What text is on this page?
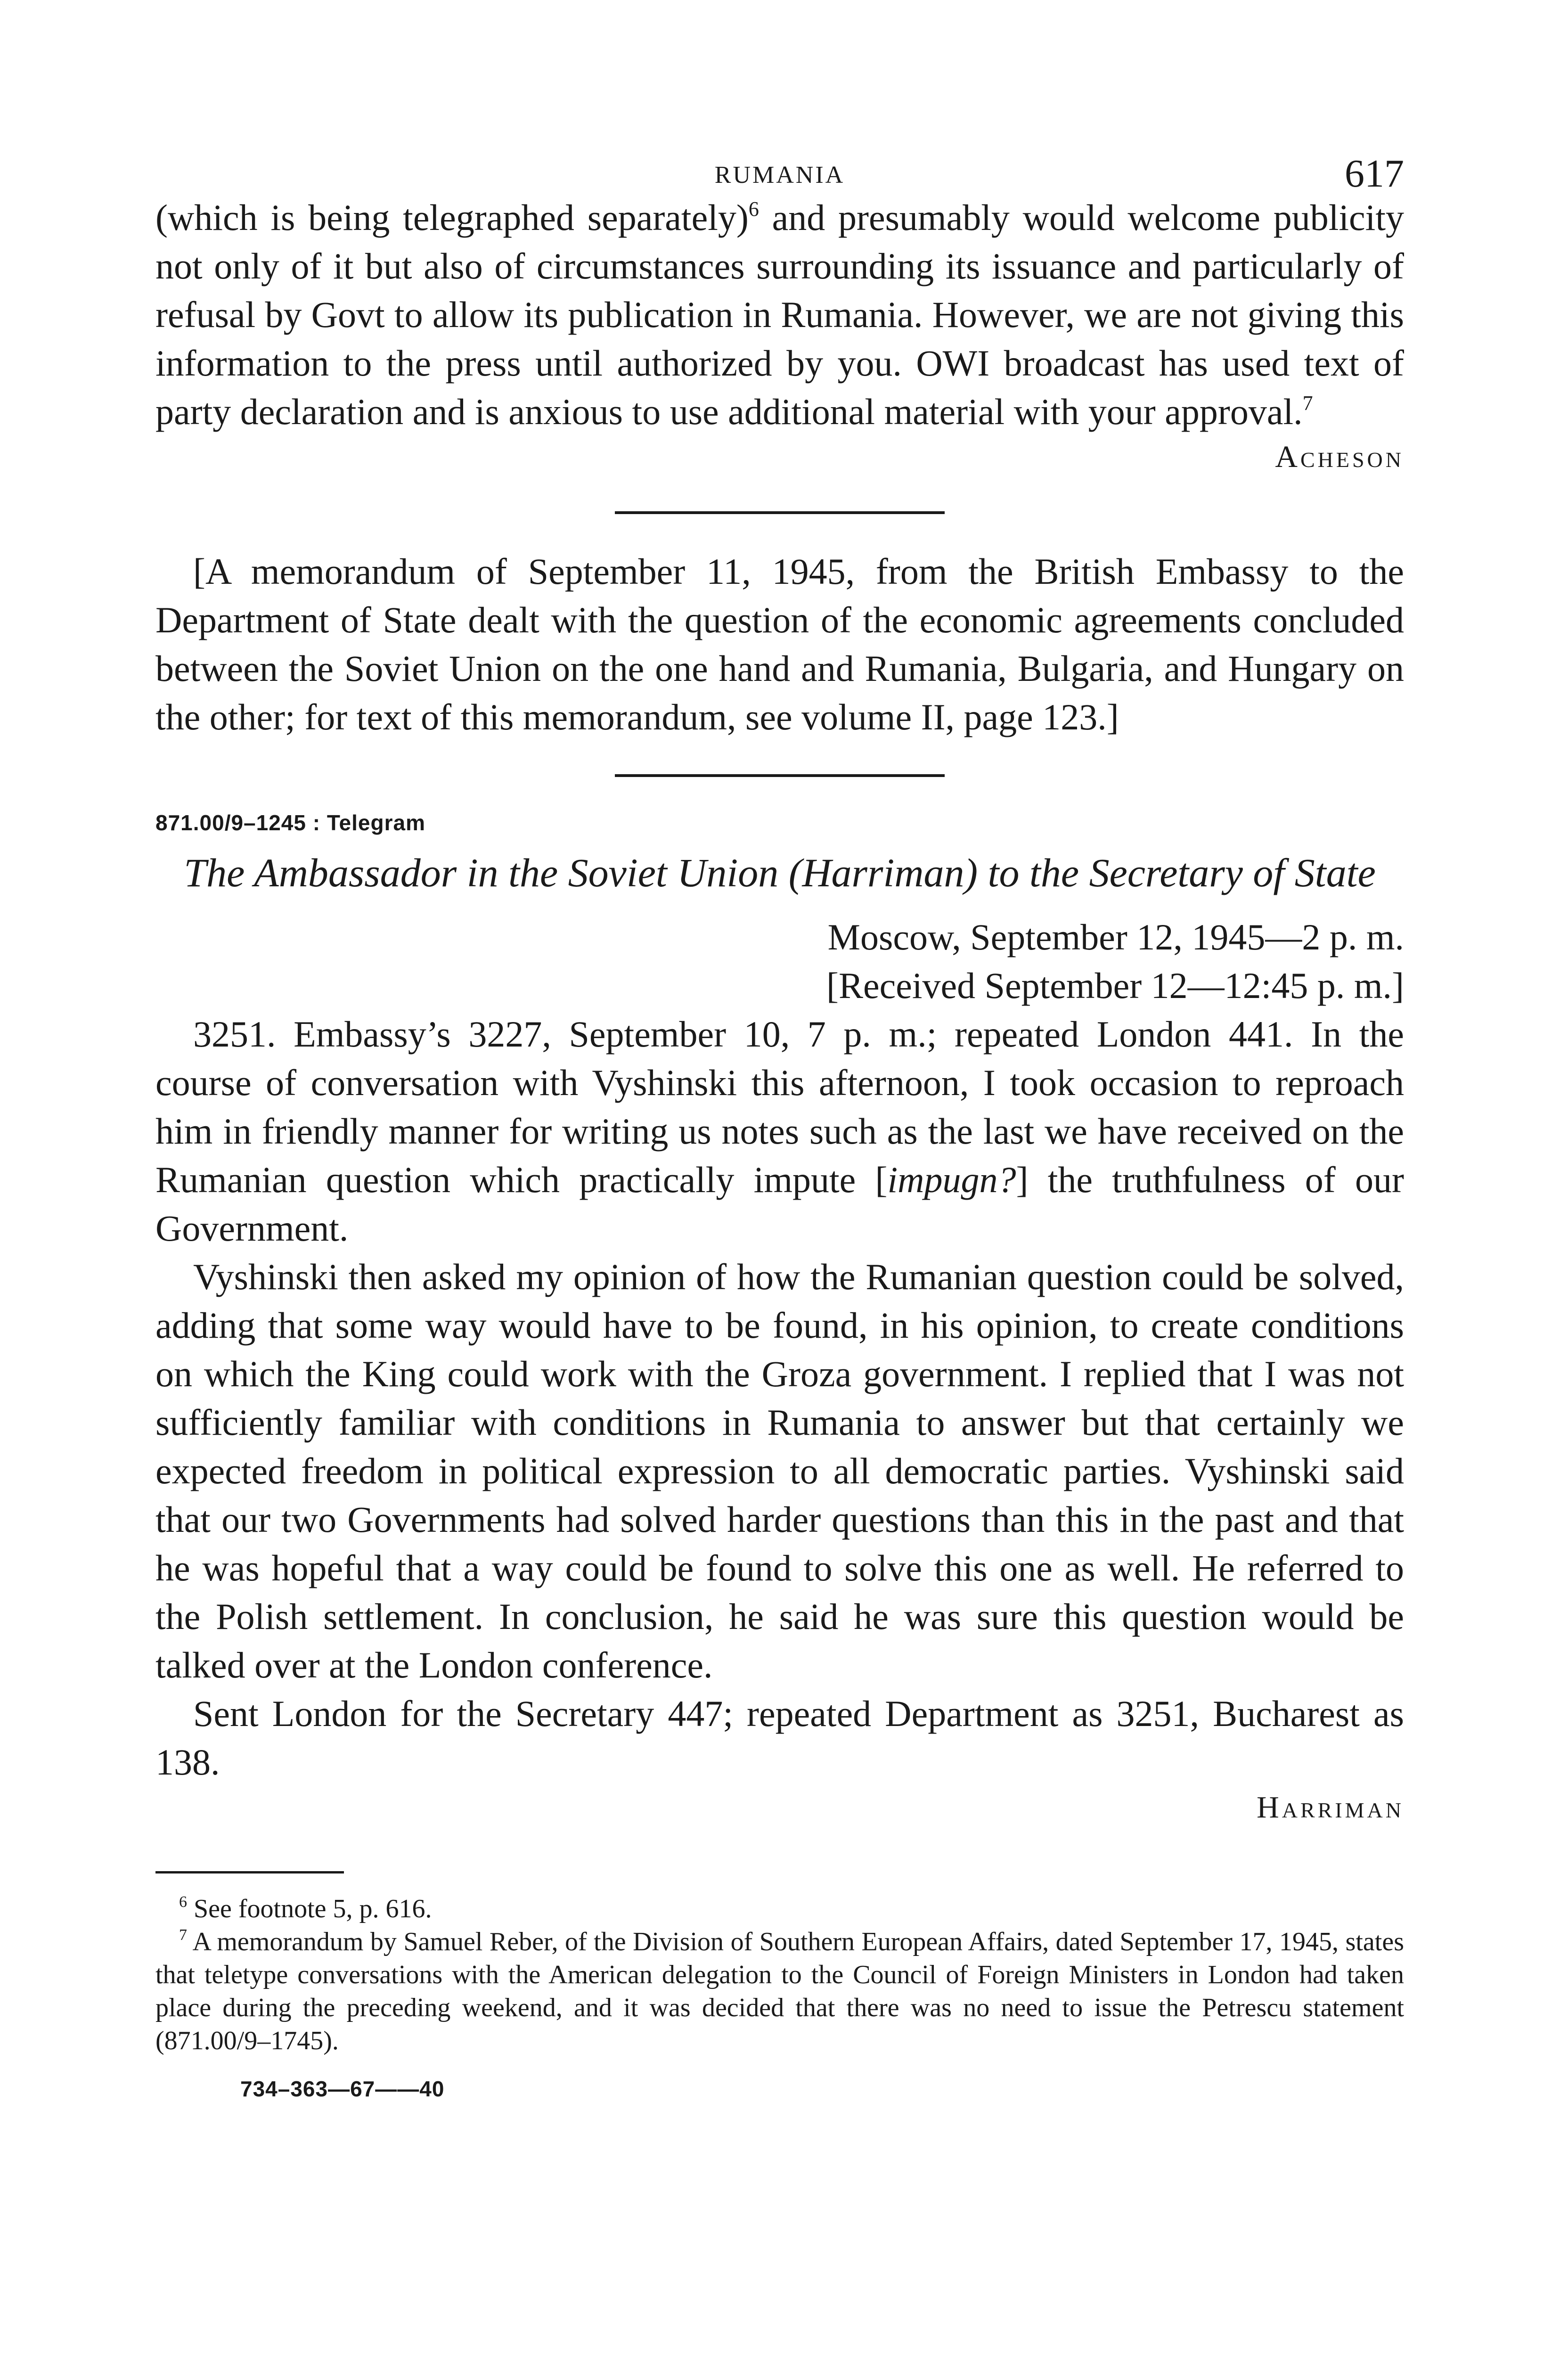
RUMANIA	617

(which is being telegraphed separately)$^6$ and presumably would welcome publicity not only of it but also of circumstances surrounding its issuance and particularly of refusal by Govt to allow its publication in Rumania. However, we are not giving this information to the press until authorized by you. OWI broadcast has used text of party declaration and is anxious to use additional material with your approval.$^7$

Acheson

[A memorandum of September 11, 1945, from the British Embassy to the Department of State dealt with the question of the economic agreements concluded between the Soviet Union on the one hand and Rumania, Bulgaria, and Hungary on the other; for text of this memorandum, see volume II, page 123.]

871.00/9–1245 : Telegram

The Ambassador in the Soviet Union (Harriman) to the Secretary of State

Moscow, September 12, 1945—2 p. m.

[Received September 12—12:45 p. m.]

3251. Embassy’s 3227, September 10, 7 p. m.; repeated London 441. In the course of conversation with Vyshinski this afternoon, I took occasion to reproach him in friendly manner for writing us notes such as the last we have received on the Rumanian question which practically impute [impugn?] the truthfulness of our Government.

Vyshinski then asked my opinion of how the Rumanian question could be solved, adding that some way would have to be found, in his opinion, to create conditions on which the King could work with the Groza government. I replied that I was not sufficiently familiar with conditions in Rumania to answer but that certainly we expected freedom in political expression to all democratic parties. Vyshinski said that our two Governments had solved harder questions than this in the past and that he was hopeful that a way could be found to solve this one as well. He referred to the Polish settlement. In conclusion, he said he was sure this question would be talked over at the London conference.

Sent London for the Secretary 447; repeated Department as 3251, Bucharest as 138.

Harriman

$^6$ See footnote 5, p. 616.

$^7$ A memorandum by Samuel Reber, of the Division of Southern European Affairs, dated September 17, 1945, states that teletype conversations with the American delegation to the Council of Foreign Ministers in London had taken place during the preceding weekend, and it was decided that there was no need to issue the Petrescu statement (871.00/9–1745).

734–363—67——40
